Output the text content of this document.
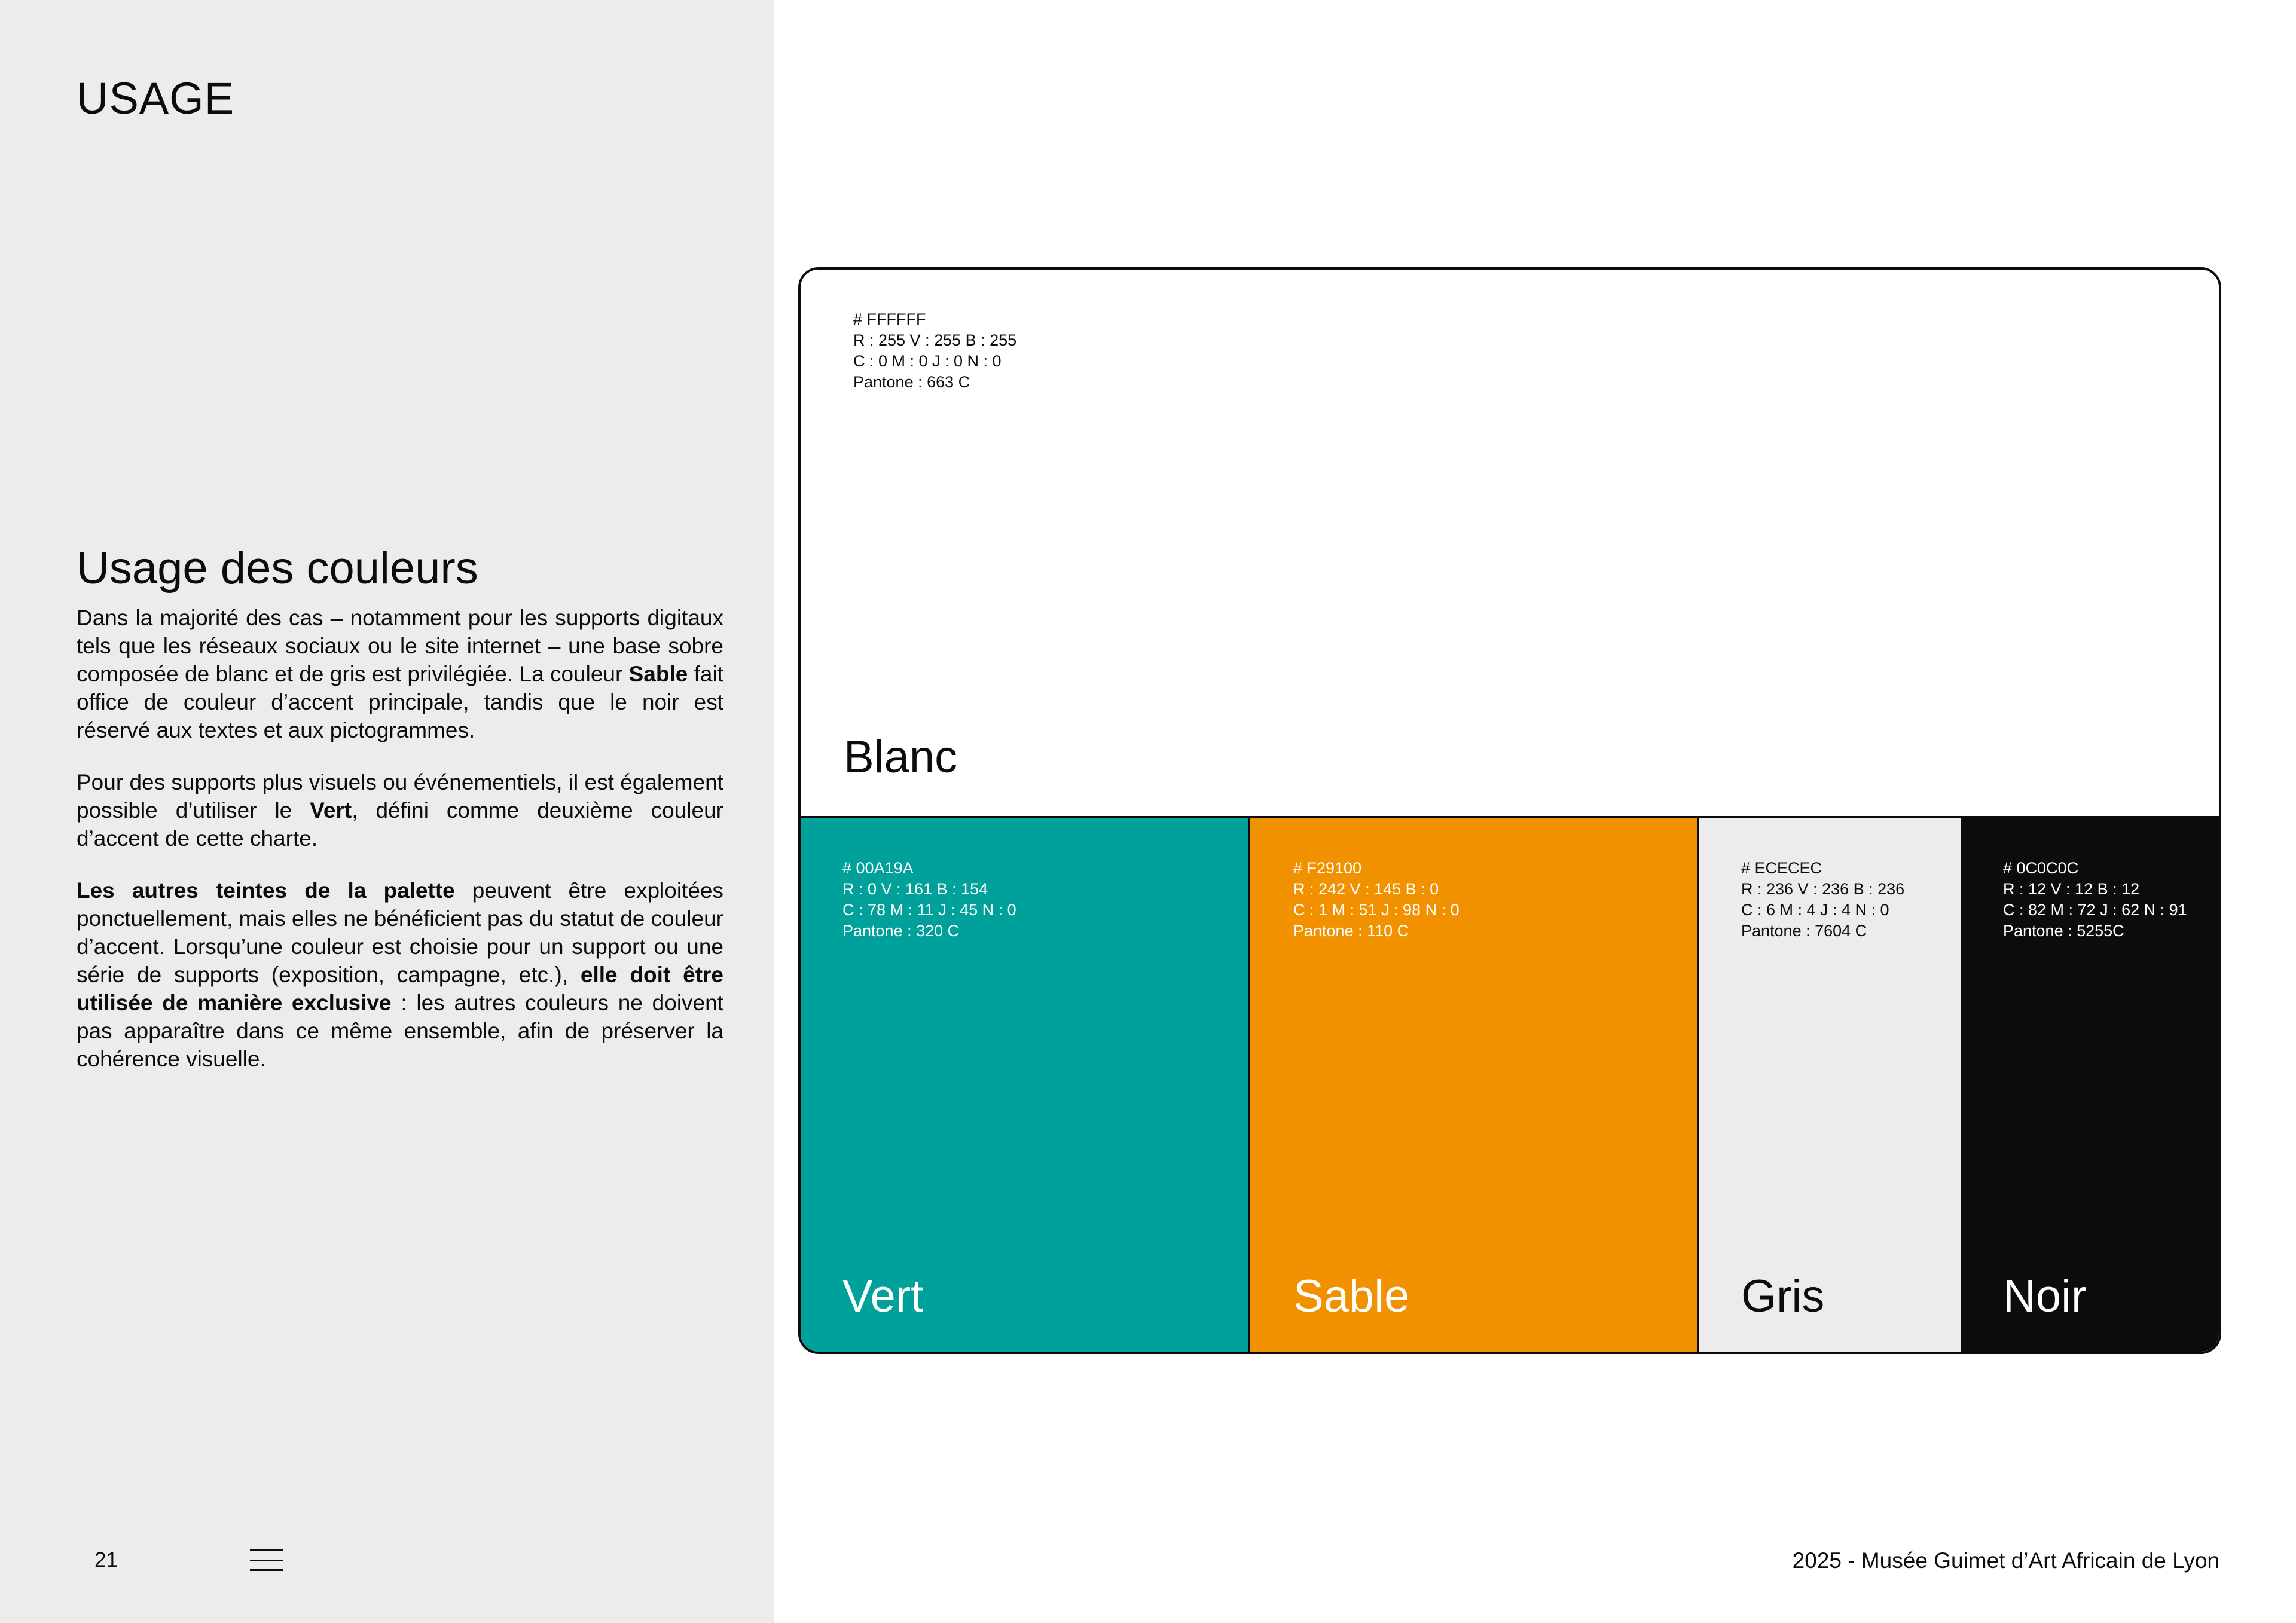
USAGE
Usage des couleurs

Dans la majorité des cas – notamment pour les supports digitaux tels que les réseaux sociaux ou le site internet – une base sobre composée de blanc et de gris est privilégiée. La couleur Sable fait office de couleur d’accent principale, tandis que le noir est réservé aux textes et aux pictogrammes.

Pour des supports plus visuels ou événementiels, il est également possible d’utiliser le Vert, défini comme deuxième couleur d’accent de cette charte.

Les autres teintes de la palette peuvent être exploitées ponctuellement, mais elles ne bénéficient pas du statut de couleur d’accent. Lorsqu’une couleur est choisie pour un support ou une série de supports (exposition, campagne, etc.), elle doit être utilisée de manière exclusive : les autres couleurs ne doivent pas apparaître dans ce même ensemble, afin de préserver la cohérence visuelle.

21
# FFFFFF
R : 255 V : 255 B : 255
C : 0 M : 0 J : 0 N : 0
Pantone : 663 C
Blanc
# 00A19A
R : 0 V : 161 B : 154
C : 78 M : 11 J : 45 N : 0
Pantone : 320 C
Vert
# F29100
R : 242 V : 145 B : 0
C : 1 M : 51 J : 98 N : 0
Pantone : 110 C
Sable
# ECECEC
R : 236 V : 236 B : 236
C : 6 M : 4 J : 4 N : 0
Pantone : 7604 C
Gris
# 0C0C0C
R : 12 V : 12 B : 12
C : 82 M : 72 J : 62 N : 91
Pantone : 5255C
Noir
2025 - Musée Guimet d’Art Africain de Lyon
